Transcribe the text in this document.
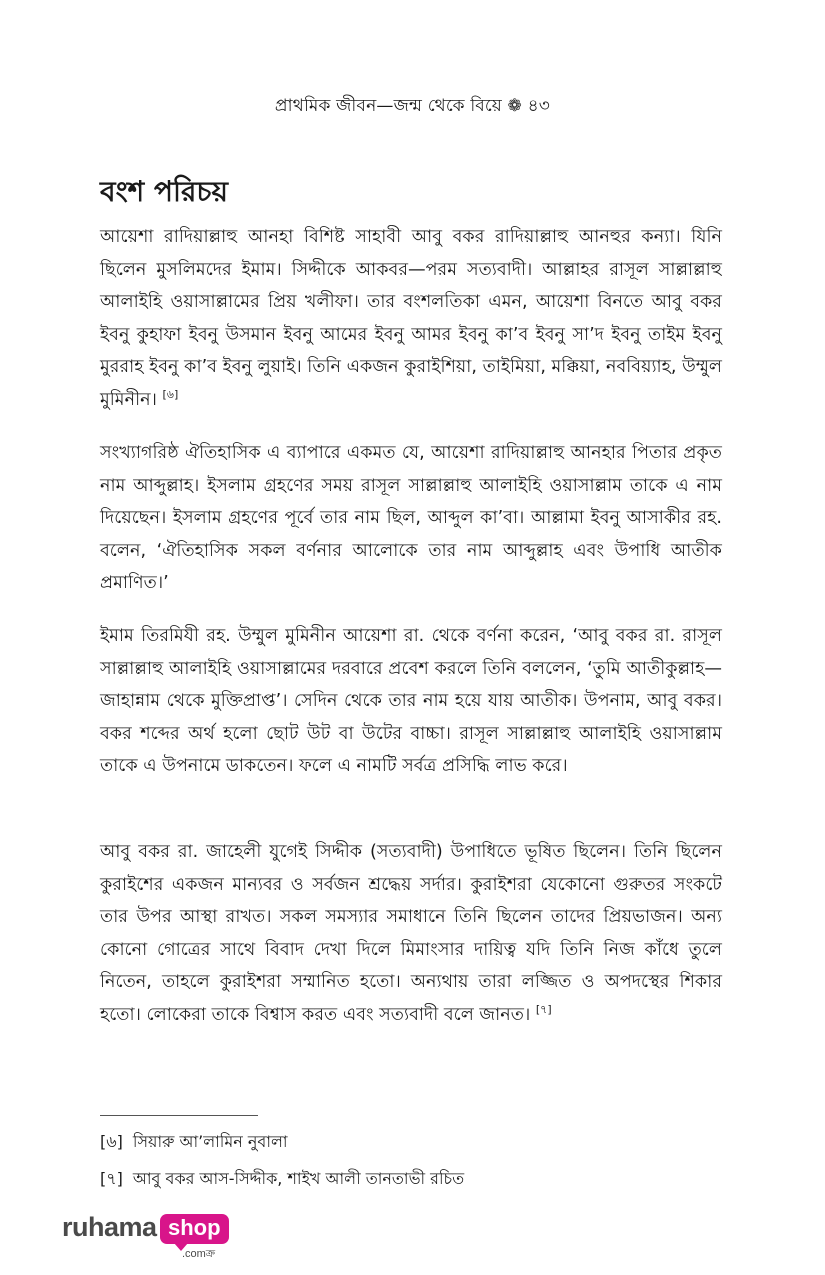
প্রাথমিক জীবন—জন্ম থেকে বিয়ে ❁ ৪৩
বংশ পরিচয়

আয়েশা রাদিয়াল্লাহু আনহা বিশিষ্ট সাহাবী আবু বকর রাদিয়াল্লাহু আনহুর কন্যা। যিনি ছিলেন মুসলিমদের ইমাম। সিদ্দীকে আকবর—পরম সত্যবাদী। আল্লাহর রাসূল সাল্লাল্লাহু আলাইহি ওয়াসাল্লামের প্রিয় খলীফা। তার বংশলতিকা এমন, আয়েশা বিনতে আবু বকর ইবনু কুহাফা ইবনু উসমান ইবনু আমের ইবনু আমর ইবনু কা’ব ইবনু সা’দ ইবনু তাইম ইবনু মুররাহ ইবনু কা’ব ইবনু লুয়াই। তিনি একজন কুরাইশিয়া, তাইমিয়া, মক্কিয়া, নববিয়্যাহ, উম্মুল মুমিনীন। [৬]

সংখ্যাগরিষ্ঠ ঐতিহাসিক এ ব্যাপারে একমত যে, আয়েশা রাদিয়াল্লাহু আনহার পিতার প্রকৃত নাম আব্দুল্লাহ। ইসলাম গ্রহণের সময় রাসূল সাল্লাল্লাহু আলাইহি ওয়াসাল্লাম তাকে এ নাম দিয়েছেন। ইসলাম গ্রহণের পূর্বে তার নাম ছিল, আব্দুল কা’বা। আল্লামা ইবনু আসাকীর রহ. বলেন, ‘ঐতিহাসিক সকল বর্ণনার আলোকে তার নাম আব্দুল্লাহ এবং উপাধি আতীক প্রমাণিত।’

ইমাম তিরমিযী রহ. উম্মুল মুমিনীন আয়েশা রা. থেকে বর্ণনা করেন, ‘আবু বকর রা. রাসূল সাল্লাল্লাহু আলাইহি ওয়াসাল্লামের দরবারে প্রবেশ করলে তিনি বললেন, ‘তুমি আতীকুল্লাহ—জাহান্নাম থেকে মুক্তিপ্রাপ্ত’। সেদিন থেকে তার নাম হয়ে যায় আতীক। উপনাম, আবু বকর। বকর শব্দের অর্থ হলো ছোট উট বা উটের বাচ্চা। রাসূল সাল্লাল্লাহু আলাইহি ওয়াসাল্লাম তাকে এ উপনামে ডাকতেন। ফলে এ নামটি সর্বত্র প্রসিদ্ধি লাভ করে।

আবু বকর রা. জাহেলী যুগেই সিদ্দীক (সত্যবাদী) উপাধিতে ভূষিত ছিলেন। তিনি ছিলেন কুরাইশের একজন মান্যবর ও সর্বজন শ্রদ্ধেয় সর্দার। কুরাইশরা যেকোনো গুরুতর সংকটে তার উপর আস্থা রাখত। সকল সমস্যার সমাধানে তিনি ছিলেন তাদের প্রিয়ভাজন। অন্য কোনো গোত্রের সাথে বিবাদ দেখা দিলে মিমাংসার দায়িত্ব যদি তিনি নিজ কাঁধে তুলে নিতেন, তাহলে কুরাইশরা সম্মানিত হতো। অন্যথায় তারা লজ্জিত ও অপদস্থের শিকার হতো। লোকেরা তাকে বিশ্বাস করত এবং সত্যবাদী বলে জানত। [৭]

[৬] সিয়ারু আ’লামিন নুবালা

[৭] আবু বকর আস-সিদ্দীক, শাইখ আলী তানতাভী রচিত

ruhama shop
.comক্র
